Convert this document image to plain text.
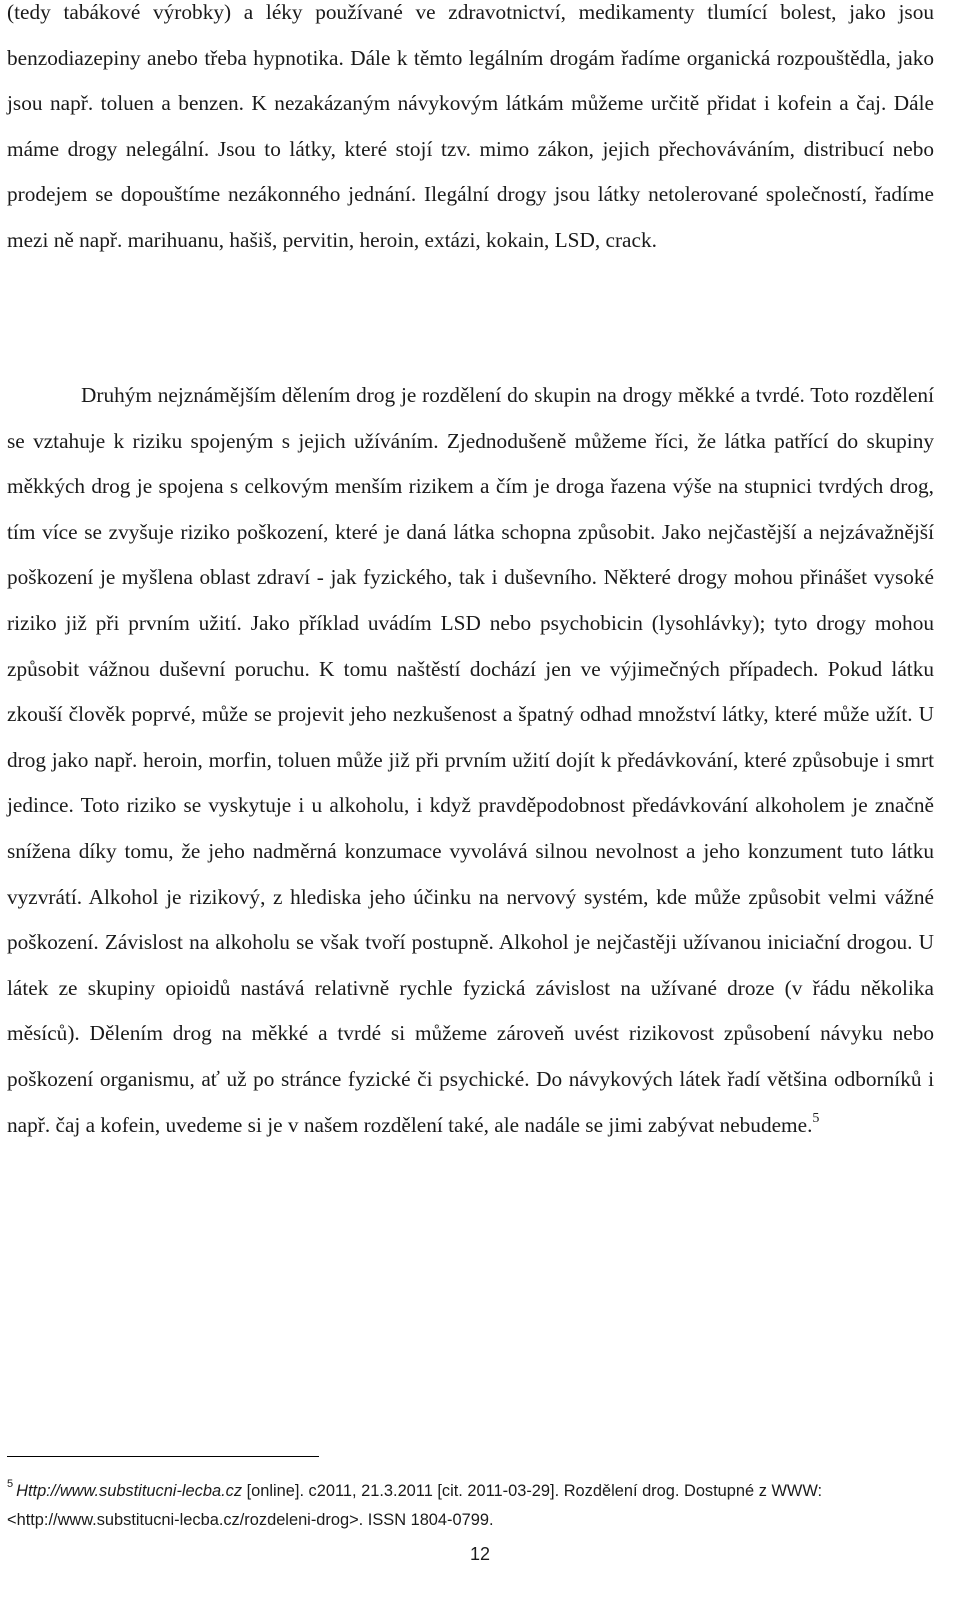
(tedy tabákové výrobky) a léky používané ve zdravotnictví, medikamenty tlumící bolest, jako jsou benzodiazepiny anebo třeba hypnotika. Dále k těmto legálním drogám řadíme organická rozpouštědla, jako jsou např. toluen a benzen. K nezakázaným návykovým látkám můžeme určitě přidat i kofein a čaj. Dále máme drogy nelegální. Jsou to látky, které stojí tzv. mimo zákon, jejich přechováváním, distribucí nebo prodejem se dopouštíme nezákonného jednání. Ilegální drogy jsou látky netolerované společností, řadíme mezi ně např. marihuanu, hašiš, pervitin, heroin, extázi, kokain, LSD, crack.

Druhým nejznámějším dělením drog je rozdělení do skupin na drogy měkké a tvrdé. Toto rozdělení se vztahuje k riziku spojeným s jejich užíváním. Zjednodušeně můžeme říci, že látka patřící do skupiny měkkých drog je spojena s celkovým menším rizikem a čím je droga řazena výše na stupnici tvrdých drog, tím více se zvyšuje riziko poškození, které je daná látka schopna způsobit. Jako nejčastější a nejzávažnější poškození je myšlena oblast zdraví - jak fyzického, tak i duševního. Některé drogy mohou přinášet vysoké riziko již při prvním užití. Jako příklad uvádím LSD nebo psychobicin (lysohlávky); tyto drogy mohou způsobit vážnou duševní poruchu. K tomu naštěstí dochází jen ve výjimečných případech. Pokud látku zkouší člověk poprvé, může se projevit jeho nezkušenost a špatný odhad množství látky, které může užít. U drog jako např. heroin, morfin, toluen může již při prvním užití dojít k předávkování, které způsobuje i smrt jedince. Toto riziko se vyskytuje i u alkoholu, i když pravděpodobnost předávkování alkoholem je značně snížena díky tomu, že jeho nadměrná konzumace vyvolává silnou nevolnost a jeho konzument tuto látku vyzvrátí. Alkohol je rizikový, z hlediska jeho účinku na nervový systém, kde může způsobit velmi vážné poškození. Závislost na alkoholu se však tvoří postupně. Alkohol je nejčastěji užívanou iniciační drogou. U látek ze skupiny opioidů nastává relativně rychle fyzická závislost na užívané droze (v řádu několika měsíců). Dělením drog na měkké a tvrdé si můžeme zároveň uvést rizikovost způsobení návyku nebo poškození organismu, ať už po stránce fyzické či psychické. Do návykových látek řadí většina odborníků i např. čaj a kofein, uvedeme si je v našem rozdělení také, ale nadále se jimi zabývat nebudeme.$^5$

$^5$ Http://www.substitucni-lecba.cz [online]. c2011, 21.3.2011 [cit. 2011-03-29]. Rozdělení drog. Dostupné z WWW: <http://www.substitucni-lecba.cz/rozdeleni-drog>. ISSN 1804-0799.

12
